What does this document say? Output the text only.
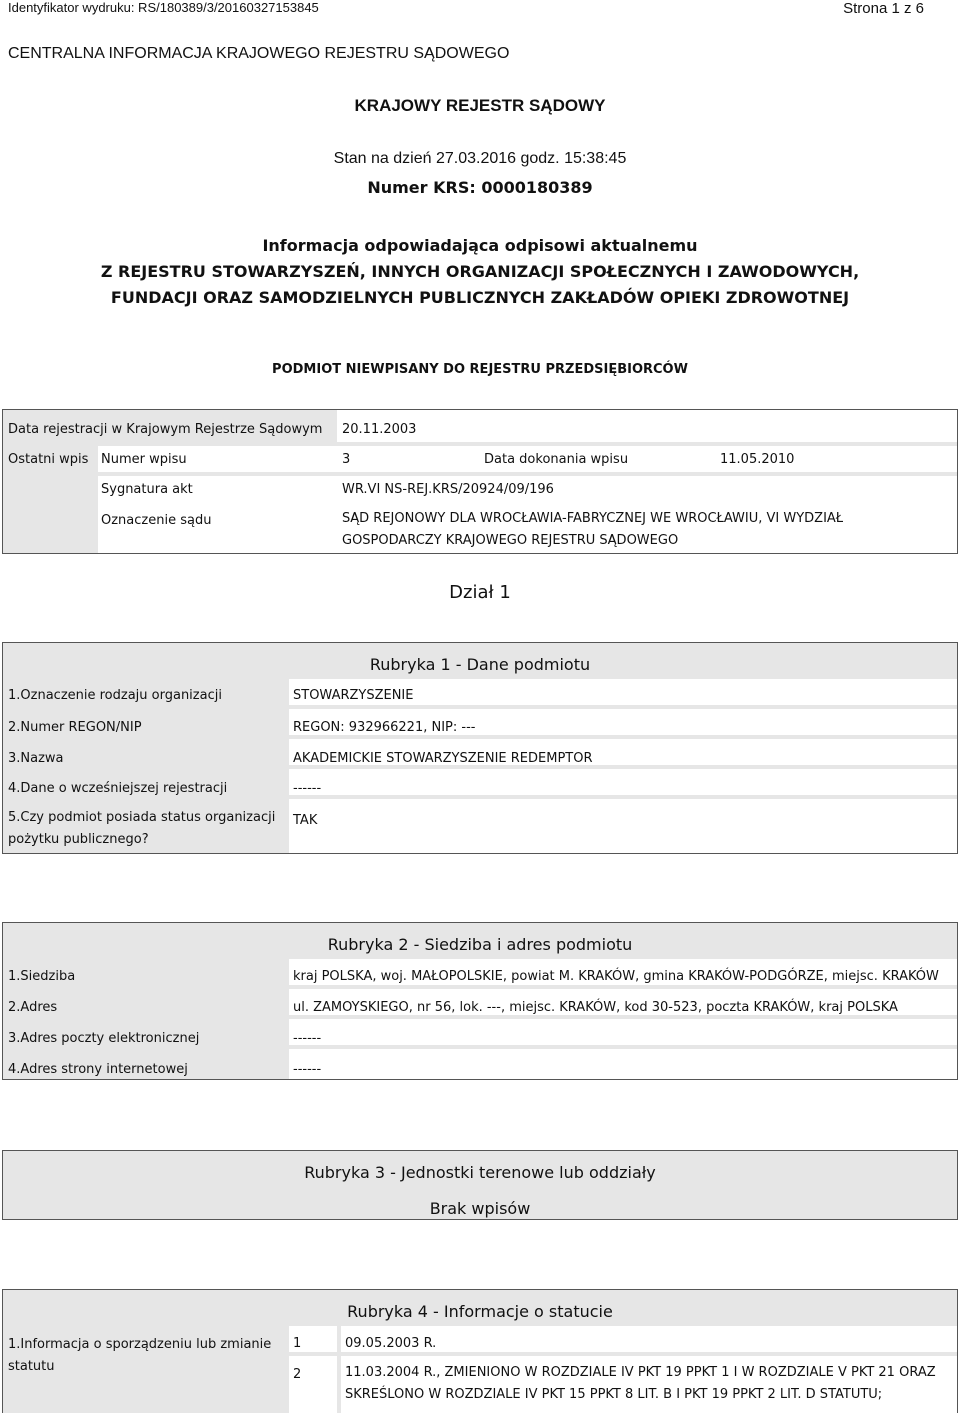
Identyfikator wydruku: RS/180389/3/20160327153845	Strona 1 z 6
CENTRALNA INFORMACJA KRAJOWEGO REJESTRU SĄDOWEGO
KRAJOWY REJESTR SĄDOWY
Stan na dzień 27.03.2016 godz. 15:38:45
Numer KRS: 0000180389
Informacja odpowiadająca odpisowi aktualnemu
Z REJESTRU STOWARZYSZEŃ, INNYCH ORGANIZACJI SPOŁECZNYCH I ZAWODOWYCH,
FUNDACJI ORAZ SAMODZIELNYCH PUBLICZNYCH ZAKŁADÓW OPIEKI ZDROWOTNEJ
PODMIOT NIEWPISANY DO REJESTRU PRZEDSIĘBIORCÓW
Data rejestracji w Krajowym Rejestrze Sądowym 20.11.2003
Ostatni wpis Numer wpisu	3	Data dokonania wpisu	11.05.2010
Sygnatura akt	WR.VI NS-REJ.KRS/20924/09/196
Oznaczenie sądu	SĄD REJONOWY DLA WROCŁAWIA-FABRYCZNEJ WE WROCŁAWIU, VI WYDZIAŁ
GOSPODARCZY KRAJOWEGO REJESTRU SĄDOWEGO
Dział 1
Rubryka 1 - Dane podmiotu
1.Oznaczenie rodzaju organizacji	STOWARZYSZENIE
2.Numer REGON/NIP	REGON: 932966221, NIP: ---
3.Nazwa	AKADEMICKIE STOWARZYSZENIE REDEMPTOR
4.Dane o wcześniejszej rejestracji	------
5.Czy podmiot posiada status organizacji
pożytku publicznego?
TAK
Rubryka 2 - Siedziba i adres podmiotu
1.Siedziba	kraj POLSKA, woj. MAŁOPOLSKIE, powiat M. KRAKÓW, gmina KRAKÓW-PODGÓRZE, miejsc. KRAKÓW
2.Adres	ul. ZAMOYSKIEGO, nr 56, lok. ---, miejsc. KRAKÓW, kod 30-523, poczta KRAKÓW, kraj POLSKA
3.Adres poczty elektronicznej	------
4.Adres strony internetowej	------
Rubryka 3 - Jednostki terenowe lub oddziały
Brak wpisów
Rubryka 4 - Informacje o statucie
1.Informacja o sporządzeniu lub zmianie
statutu
1	09.05.2003 R.
2	11.03.2004 R., ZMIENIONO W ROZDZIALE IV PKT 19 PPKT 1 I W ROZDZIALE V PKT 21 ORAZ
SKREŚLONO W ROZDZIALE IV PKT 15 PPKT 8 LIT. B I PKT 19 PPKT 2 LIT. D STATUTU;
